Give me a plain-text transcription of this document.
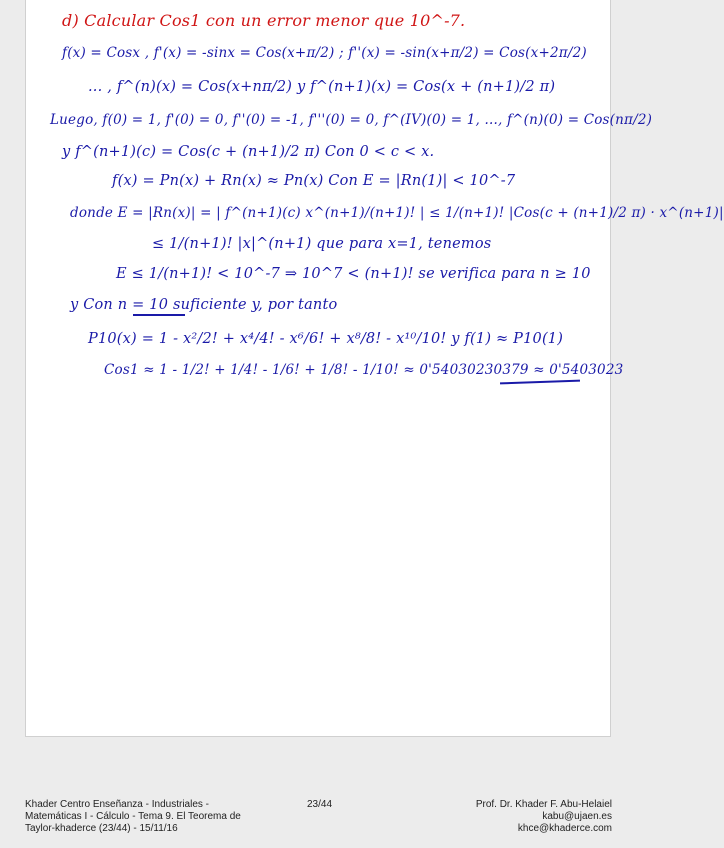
d) Calcular Cos1 con un error menor que 10^-7.
f(x) = Cosx , f'(x) = -sinx = Cos(x+π/2) ; f''(x) = -sin(x+π/2) = Cos(x+2π/2)
... , f^(n)(x) = Cos(x+nπ/2) y f^(n+1)(x) = Cos(x + (n+1)/2 π)
Luego, f(0) = 1, f'(0) = 0, f''(0) = -1, f'''(0) = 0, f^(IV)(0) = 1, ..., f^(n)(0) = Cos(nπ/2)
y f^(n+1)(c) = Cos(c + (n+1)/2 π) Con 0 < c < x.
f(x) = Pn(x) + Rn(x) ≈ Pn(x) Con E = |Rn(1)| < 10^-7
donde E = |Rn(x)| = | f^(n+1)(c) x^(n+1)/(n+1)! | ≤ 1/(n+1)! |Cos(c + (n+1)/2 π) · x^(n+1)|
≤ 1/(n+1)! |x|^(n+1) que para x=1, tenemos
E ≤ 1/(n+1)! < 10^-7 ⇒ 10^7 < (n+1)! se verifica para n ≥ 10
y Con n = 10 suficiente y, por tanto
P10(x) = 1 - x²/2! + x⁴/4! - x⁶/6! + x⁸/8! - x¹⁰/10! y f(1) ≈ P10(1)
Cos1 ≈ 1 - 1/2! + 1/4! - 1/6! + 1/8! - 1/10! ≈ 0'54030230379 ≈ 0'5403023
Khader Centro Enseñanza - Industriales -
Matemáticas I - Cálculo - Tema 9. El Teorema de
Taylor-khaderce (23/44) - 15/11/16
23/44	Prof. Dr. Khader F. Abu-Helaiel
kabu@ujaen.es
khce@khaderce.com
